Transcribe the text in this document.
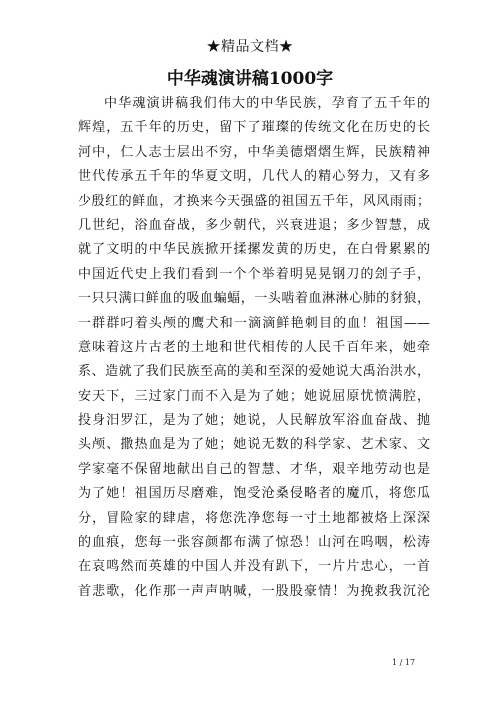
★精品文档★
中华魂演讲稿1000字
中华魂演讲稿我们伟大的中华民族，孕育了五千年的
辉煌，五千年的历史，留下了璀璨的传统文化在历史的长
河中，仁人志士层出不穷，中华美德熠熠生辉，民族精神
世代传承五千年的华夏文明，几代人的精心努力，又有多
少殷红的鲜血，才换来今天强盛的祖国五千年，风风雨雨；
几世纪，浴血奋战，多少朝代，兴衰进退；多少智慧，成
就了文明的中华民族掀开揉摞发黄的历史，在白骨累累的
中国近代史上我们看到一个个举着明晃晃钢刀的刽子手，
一只只满口鲜血的吸血蝙蝠，一头啮着血淋淋心肺的豺狼，
一群群叼着头颅的鹰犬和一滴滴鲜艳刺目的血！祖国——
意味着这片古老的土地和世代相传的人民千百年来，她牵
系、造就了我们民族至高的美和至深的爱她说大禹治洪水，
安天下，三过家门而不入是为了她；她说屈原忧愤满腔，
投身汨罗江，是为了她；她说，人民解放军浴血奋战、抛
头颅、撒热血是为了她；她说无数的科学家、艺术家、文
学家毫不保留地献出自己的智慧、才华，艰辛地劳动也是
为了她！祖国历尽磨难，饱受沧桑侵略者的魔爪，将您瓜
分，冒险家的肆虐，将您洗净您每一寸土地都被烙上深深
的血痕，您每一张容颜都布满了惊恐！山河在呜咽，松涛
在哀鸣然而英雄的中国人并没有趴下，一片片忠心，一首
首悲歌，化作那一声声呐喊，一股股豪情！为挽救我沉沦
1 / 17
